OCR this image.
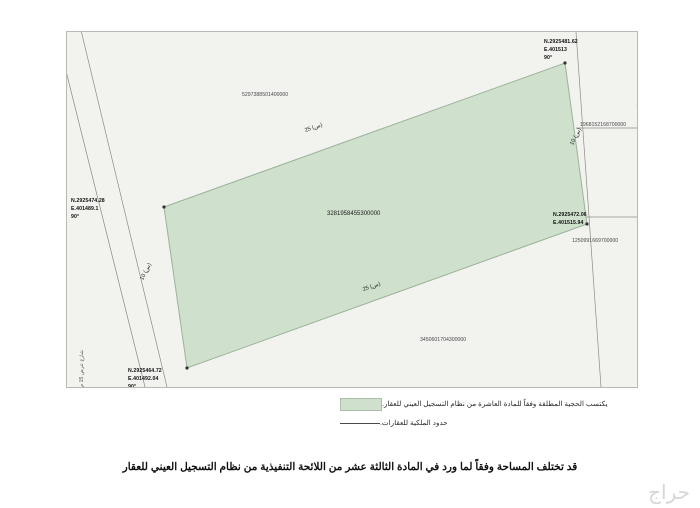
N
N.2925481.62
E.401513
90°
N.2925472.06
E.401515.94
N.2925474.28
E.401489.1
90°
N.2925464.72
E.401492.04
90°
3281958455300000
5297388501400000
3450601704300000
1968152168700000
1250991669700000
25 (س)
25 (س)
10 (س)
10 (س)
شارع عرض 15 م
يكتسب الحجية المطلقة وفقاً للمادة العاشرة من نظام التسجيل العيني للعقار.
حدود الملكية للعقارات.
قد تختلف المساحة وفقاً لما ورد في المادة الثالثة عشر من اللائحة التنفيذية من نظام التسجيل العيني للعقار
حراج
